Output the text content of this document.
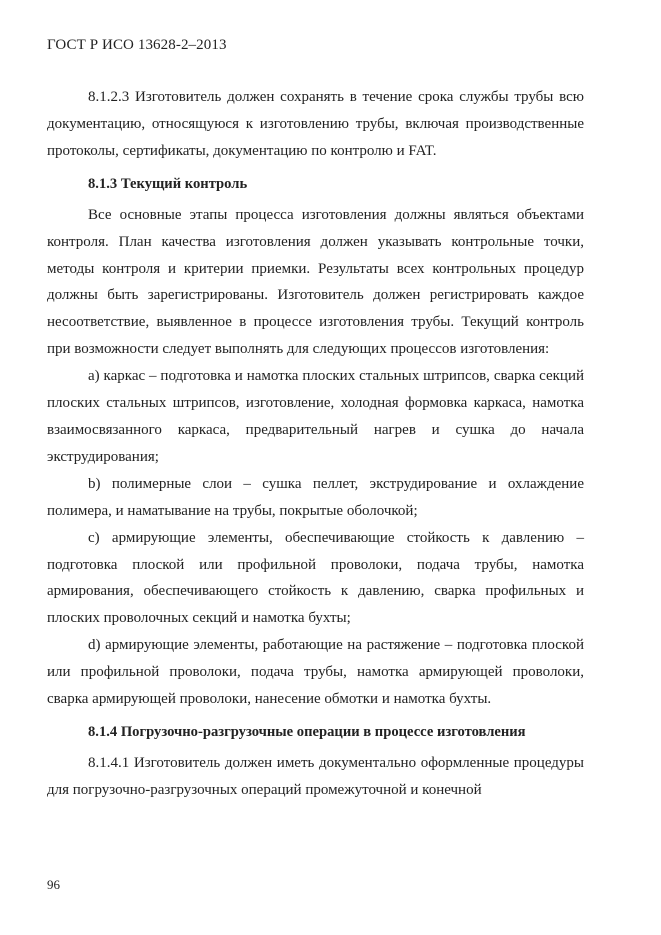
ГОСТ Р ИСО 13628-2–2013

8.1.2.3 Изготовитель должен сохранять в течение срока службы трубы всю документацию, относящуюся к изготовлению трубы, включая производственные протоколы, сертификаты, документацию по контролю и FAT.

8.1.3 Текущий контроль

Все основные этапы процесса изготовления должны являться объектами контроля. План качества изготовления должен указывать контрольные точки, методы контроля и критерии приемки. Результаты всех контрольных процедур должны быть зарегистрированы. Изготовитель должен регистрировать каждое несоответствие, выявленное в процессе изготовления трубы. Текущий контроль при возможности следует выполнять для следующих процессов изготовления:

a) каркас – подготовка и намотка плоских стальных штрипсов, сварка секций плоских стальных штрипсов, изготовление, холодная формовка каркаса, намотка взаимосвязанного каркаса, предварительный нагрев и сушка до начала экструдирования;

b) полимерные слои – сушка пеллет, экструдирование и охлаждение полимера, и наматывание на трубы, покрытые оболочкой;

c) армирующие элементы, обеспечивающие стойкость к давлению – подготовка плоской или профильной проволоки, подача трубы, намотка армирования, обеспечивающего стойкость к давлению, сварка профильных и плоских проволочных секций и намотка бухты;

d) армирующие элементы, работающие на растяжение – подготовка плоской или профильной проволоки, подача трубы, намотка армирующей проволоки, сварка армирующей проволоки, нанесение обмотки и намотка бухты.

8.1.4 Погрузочно-разгрузочные операции в процессе изготовления

8.1.4.1 Изготовитель должен иметь документально оформленные процедуры для погрузочно-разгрузочных операций промежуточной и конечной

96
